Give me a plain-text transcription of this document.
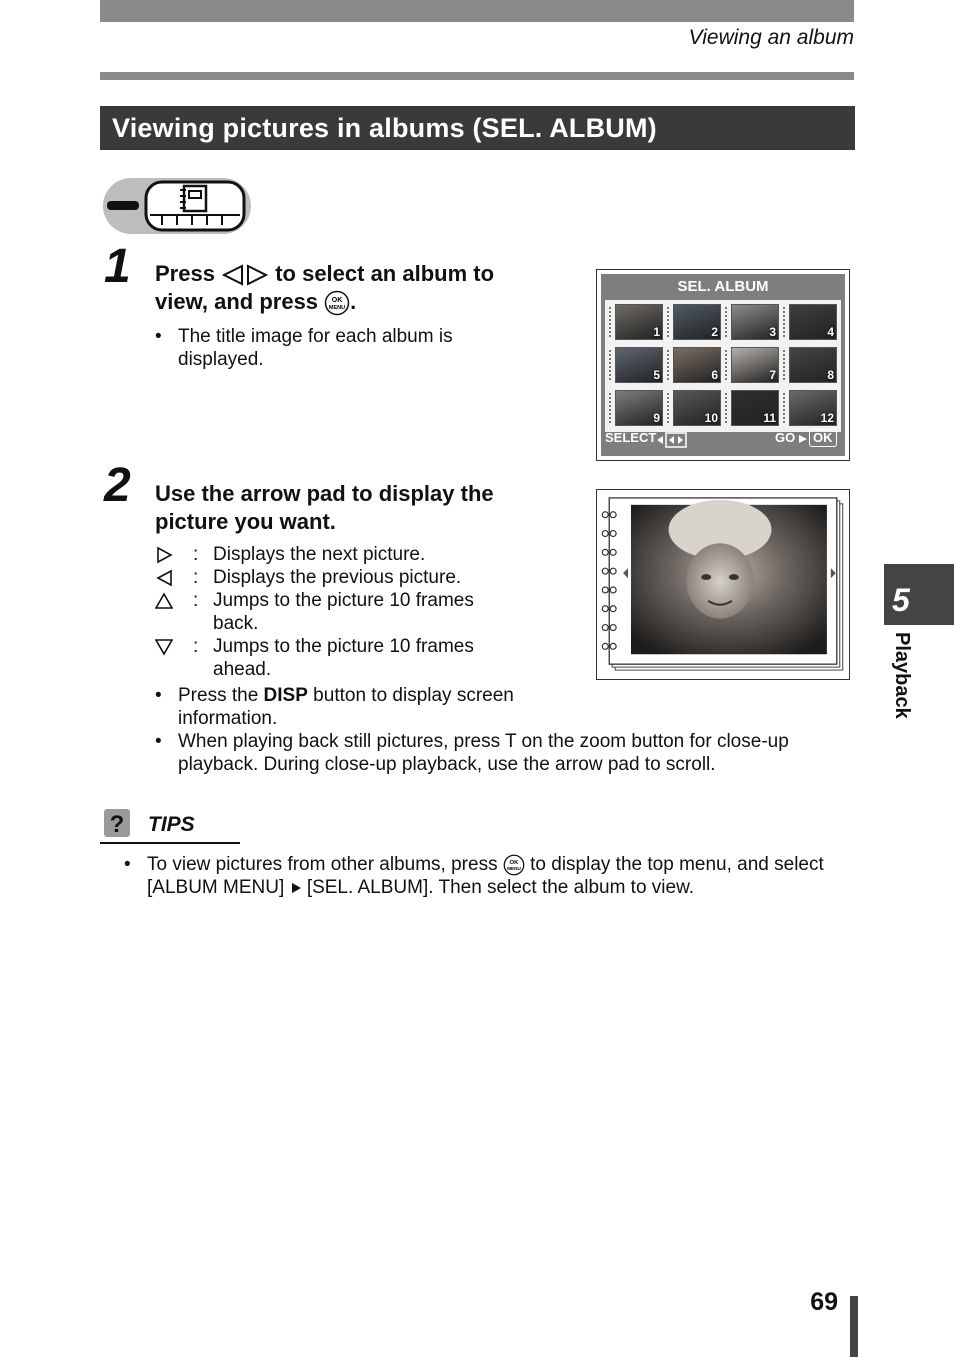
Viewing an album
Viewing pictures in albums (SEL. ALBUM)
1 Press	to select an album to
view, and press OK
MENU .
• The title image for each album is displayed.
SEL. ALBUM
1	2	3	4
5	6	7	8
9	10	11	12
SELECT	GO	OK
2 Use the arrow pad to display the picture you want.
: Displays the next picture.
: Displays the previous picture.
: Jumps to the picture 10 frames back.
: Jumps to the picture 10 frames ahead.
• Press the DISP button to display screen information.
• When playing back still pictures, press T on the zoom button for close-up playback. During close-up playback, use the arrow pad to scroll.
? TIPS
• To view pictures from other albums, press OK
MENU to display the top menu, and select [ALBUM MENU] [SEL. ALBUM]. Then select the album to view.
5
Playback
69
